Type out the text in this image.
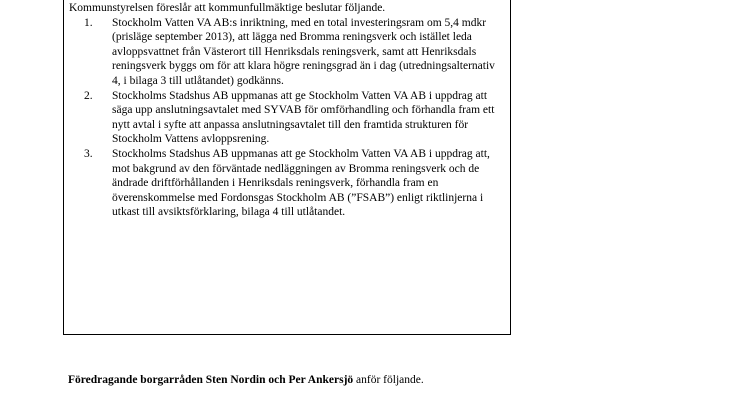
Kommunstyrelsen föreslår att kommunfullmäktige beslutar följande.
1. Stockholm Vatten VA AB:s inriktning, med en total investeringsram om 5,4 mdkr (prisläge september 2013), att lägga ned Bromma reningsverk och istället leda avloppsvattnet från Västerort till Henriksdals reningsverk, samt att Henriksdals reningsverk byggs om för att klara högre reningsgrad än i dag (utredningsalternativ 4, i bilaga 3 till utlåtandet) godkänns.
2. Stockholms Stadshus AB uppmanas att ge Stockholm Vatten VA AB i uppdrag att säga upp anslutningsavtalet med SYVAB för omförhandling och förhandla fram ett nytt avtal i syfte att anpassa anslutningsavtalet till den framtida strukturen för Stockholm Vattens avloppsrening.
3. Stockholms Stadshus AB uppmanas att ge Stockholm Vatten VA AB i uppdrag att, mot bakgrund av den förväntade nedläggningen av Bromma reningsverk och de ändrade driftförhållanden i Henriksdals reningsverk, förhandla fram en överenskommelse med Fordonsgas Stockholm AB (”FSAB”) enligt riktlinjerna i utkast till avsiktsförklaring, bilaga 4 till utlåtandet.
Föredragande borgarråden Sten Nordin och Per Ankersjö anför följande.
